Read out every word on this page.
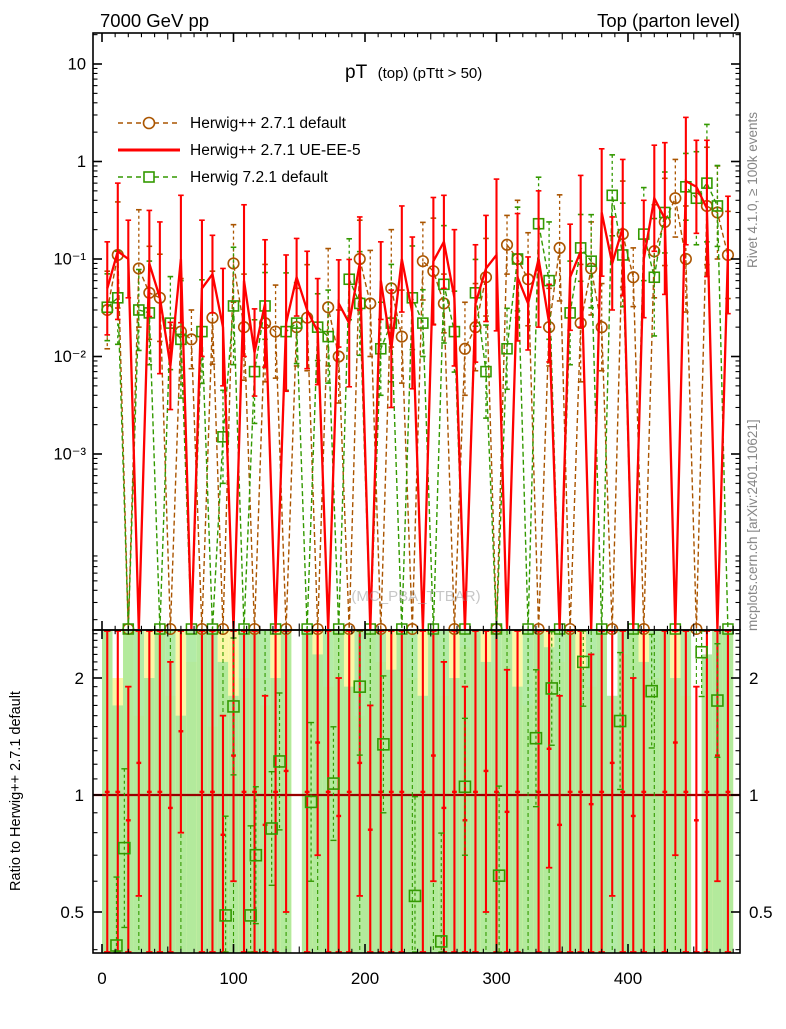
10
1
10⁻¹
10⁻²
10⁻³
2	2
1	1
0.5	0.5
0	100	200	300	400
Herwig++ 2.7.1 default
Herwig++ 2.7.1 UE-EE-5
Herwig 7.2.1 default
7000 GeV pp	Top (parton level)
pT (top) (pTtt > 50)
(MC_PBA_TTBAR)
Rivet 4.1.0, ≥ 100k events
mcplots.cern.ch [arXiv:2401.10621]
Ratio to Herwig++ 2.7.1 default
